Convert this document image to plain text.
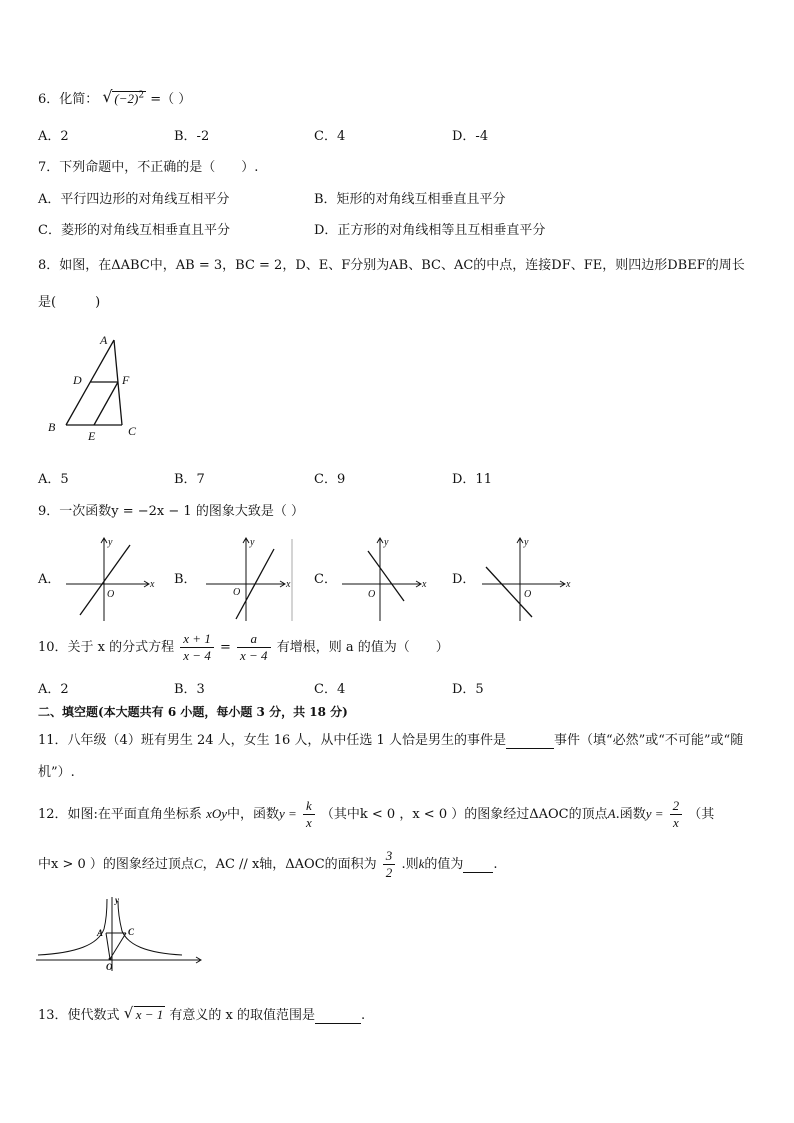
6．化简： √ $(-2)^2$ =（ ）
A．2	B．-2	C．4	D．-4
7．下列命题中，不正确的是（　　）.
A．平行四边形的对角线互相平分	B．矩形的对角线互相垂直且平分
C．菱形的对角线互相垂直且平分	D．正方形的对角线相等且互相垂直平分
8．如图，在ΔABC中，AB = 3，BC = 2，D、E、F分别为AB、BC、AC的中点，连接DF、FE，则四边形DBEF的周长
是(　　　)
A
D	F
B
E	C
A．5	B．7	C．9	D．11
9．一次函数y = −2x − 1 的图象大致是（ ）
A．	B．	C．	D．
y
x
O
y
x
O
y
x
O
y
x
O
10．关于 x 的分式方程 $\frac{x + 1}{x - 4} = \frac{a}{x - 4}$ 有增根，则 a 的值为（　　）
A．2	B．3	C．4	D．5
二、填空题(本大题共有 6 小题，每小题 3 分，共 18 分)
11．八年级（4）班有男生 24 人，女生 16 人，从中任选 1 人恰是男生的事件是	事件（填“必然”或“不可能”或“随
机”）.
12．如图:在平面直角坐标系 xOy中，函数$y = \frac{k}{x}$ （其中k < 0 ，x < 0 ）的图象经过ΔAOC的顶点A.函数$y = \frac{2}{x}$ （其
中x > 0 ）的图象经过顶点C，AC // x轴，ΔAOC的面积为 $\frac{3}{2}$ .则k的值为 .
y
A	C
O
13．使代数式 √ x − 1 有意义的 x 的取值范围是	.
